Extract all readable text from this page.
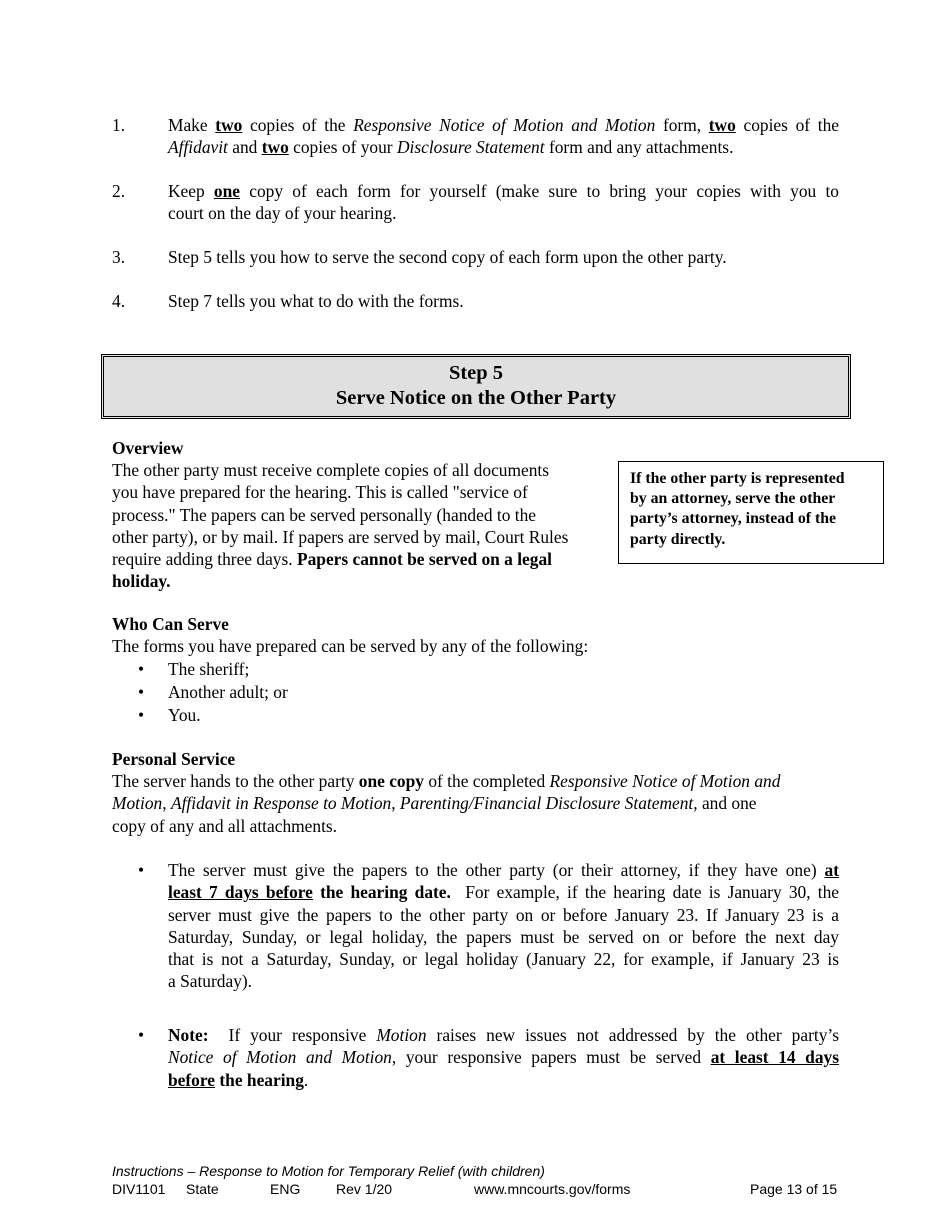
1. Make two copies of the Responsive Notice of Motion and Motion form, two copies of the
Affidavit and two copies of your Disclosure Statement form and any attachments.
2. Keep one copy of each form for yourself (make sure to bring your copies with you to
court on the day of your hearing.
3. Step 5 tells you how to serve the second copy of each form upon the other party.
4. Step 7 tells you what to do with the forms.
Step 5
Serve Notice on the Other Party
Overview
The other party must receive complete copies of all documents
you have prepared for the hearing. This is called "service of
process." The papers can be served personally (handed to the
other party), or by mail. If papers are served by mail, Court Rules
require adding three days. Papers cannot be served on a legal
holiday.
If the other party is represented
by an attorney, serve the other
party’s attorney, instead of the
party directly.
Who Can Serve
The forms you have prepared can be served by any of the following:
• The sheriff;
• Another adult; or
• You.
Personal Service
The server hands to the other party one copy of the completed Responsive Notice of Motion and
Motion, Affidavit in Response to Motion, Parenting/Financial Disclosure Statement, and one
copy of any and all attachments.
• The server must give the papers to the other party (or their attorney, if they have one) at
least 7 days before the hearing date.  For example, if the hearing date is January 30, the
server must give the papers to the other party on or before January 23. If January 23 is a
Saturday, Sunday, or legal holiday, the papers must be served on or before the next day
that is not a Saturday, Sunday, or legal holiday (January 22, for example, if January 23 is
a Saturday).
• Note:  If your responsive Motion raises new issues not addressed by the other party’s
Notice of Motion and Motion, your responsive papers must be served at least 14 days
before the hearing.
Instructions – Response to Motion for Temporary Relief (with children)
DIV1101 State	ENG	Rev 1/20	www.mncourts.gov/forms	Page 13 of 15
